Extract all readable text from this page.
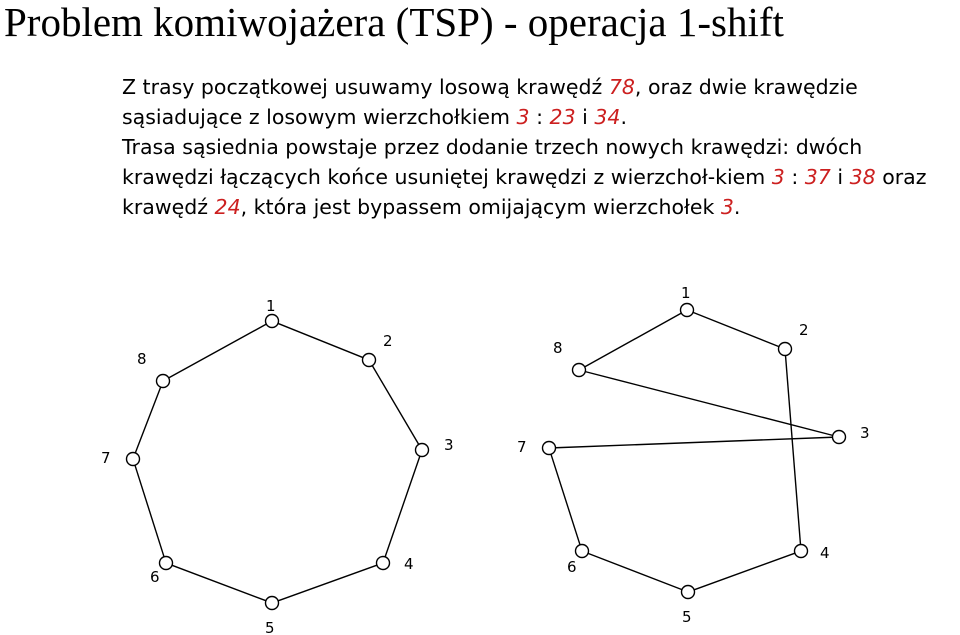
Problem komiwojażera (TSP) - operacja 1-shift

Z trasy początkowej usuwamy losową krawędź 78, oraz dwie krawędzie sąsiadujące z losowym wierzchołkiem 3 : 23 i 34.

Trasa sąsiednia powstaje przez dodanie trzech nowych krawędzi: dwóch krawędzi łączących końce usuniętej krawędzi z wierzchoł-kiem 3 : 37 i 38 oraz krawędź 24, która jest bypassem omijającym wierzchołek 3.

1
2
3
4
5
6
7
8
1
2
3
4
5
6
7
8
